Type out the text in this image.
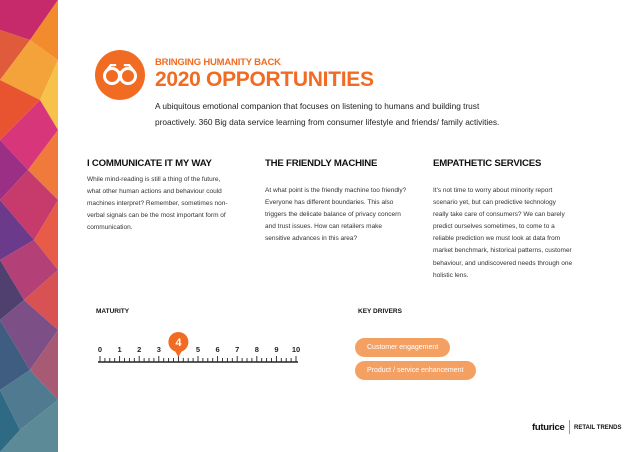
BRINGING HUMANITY BACK
2020 OPPORTUNITIES
A ubiquitous emotional companion that focuses on listening to humans and building trust proactively. 360 Big data service learning from consumer lifestyle and friends/ family activities.
I COMMUNICATE IT MY WAY
While mind-reading is still a thing of the future, what other human actions and behaviour could machines interpret? Remember, sometimes non-verbal signals can be the most important form of communication.
THE FRIENDLY MACHINE
At what point is the friendly machine too friendly? Everyone has different boundaries. This also triggers the delicate balance of privacy concern and trust issues. How can retailers make sensitive advances in this area?
EMPATHETIC SERVICES
It's not time to worry about minority report scenario yet, but can predictive technology really take care of consumers? We can barely predict ourselves sometimes, to come to a reliable prediction we must look at data from market benchmark, historical patterns, customer behaviour, and undiscovered needs through one holistic lens.
MATURITY
0 1 2 3	5 6 7 8 9 10
4
KEY DRIVERS
Customer engagement
Product / service enhancement
futurice RETAIL TRENDS
